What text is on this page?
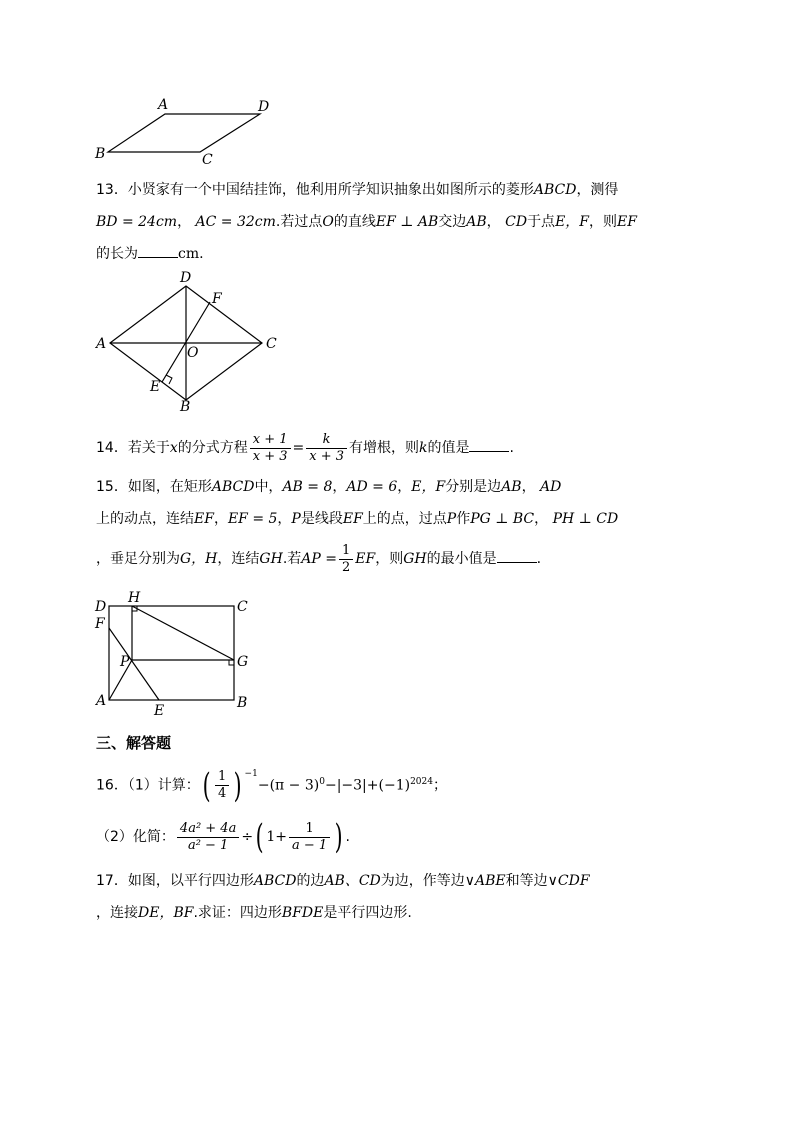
A	D
B	C
13．小贤家有一个中国结挂饰，他利用所学知识抽象出如图所示的菱形ABCD，测得
BD = 24cm， AC = 32cm.若过点O的直线EF ⊥ AB交边AB， CD于点E，F，则EF
的长为	cm.
D
F
A	C
O
E
B
14．若关于x的分式方程 $\frac{x + 1}{x + 3} = \frac{k}{x + 3}$ 有增根，则k的值是	.
15．如图，在矩形ABCD中，AB = 8，AD = 6，E，F分别是边AB， AD
上的动点，连结EF，EF = 5，P是线段EF上的点，过点P作PG ⊥ BC， PH ⊥ CD
，垂足分别为G，H，连结GH.若AP = $\frac{1}{2}$ EF，则GH的最小值是	.
D
H
C
F
P	G
A
E	B
三、解答题
16．（1）计算：( $\frac{1}{4}$ ) $^{-1}-(\pi - 3)^0-|-3|+(-1)^{2024}$；
（2）化简： $\frac{\text{4a² + 4a}}{\text{a² − 1}}$ ÷( $1+ \frac{1}{a - 1}$ ) .
17．如图，以平行四边形ABCD的边AB、CD为边，作等边∨ABE和等边∨CDF
，连接DE，BF.求证：四边形BFDE是平行四边形.
